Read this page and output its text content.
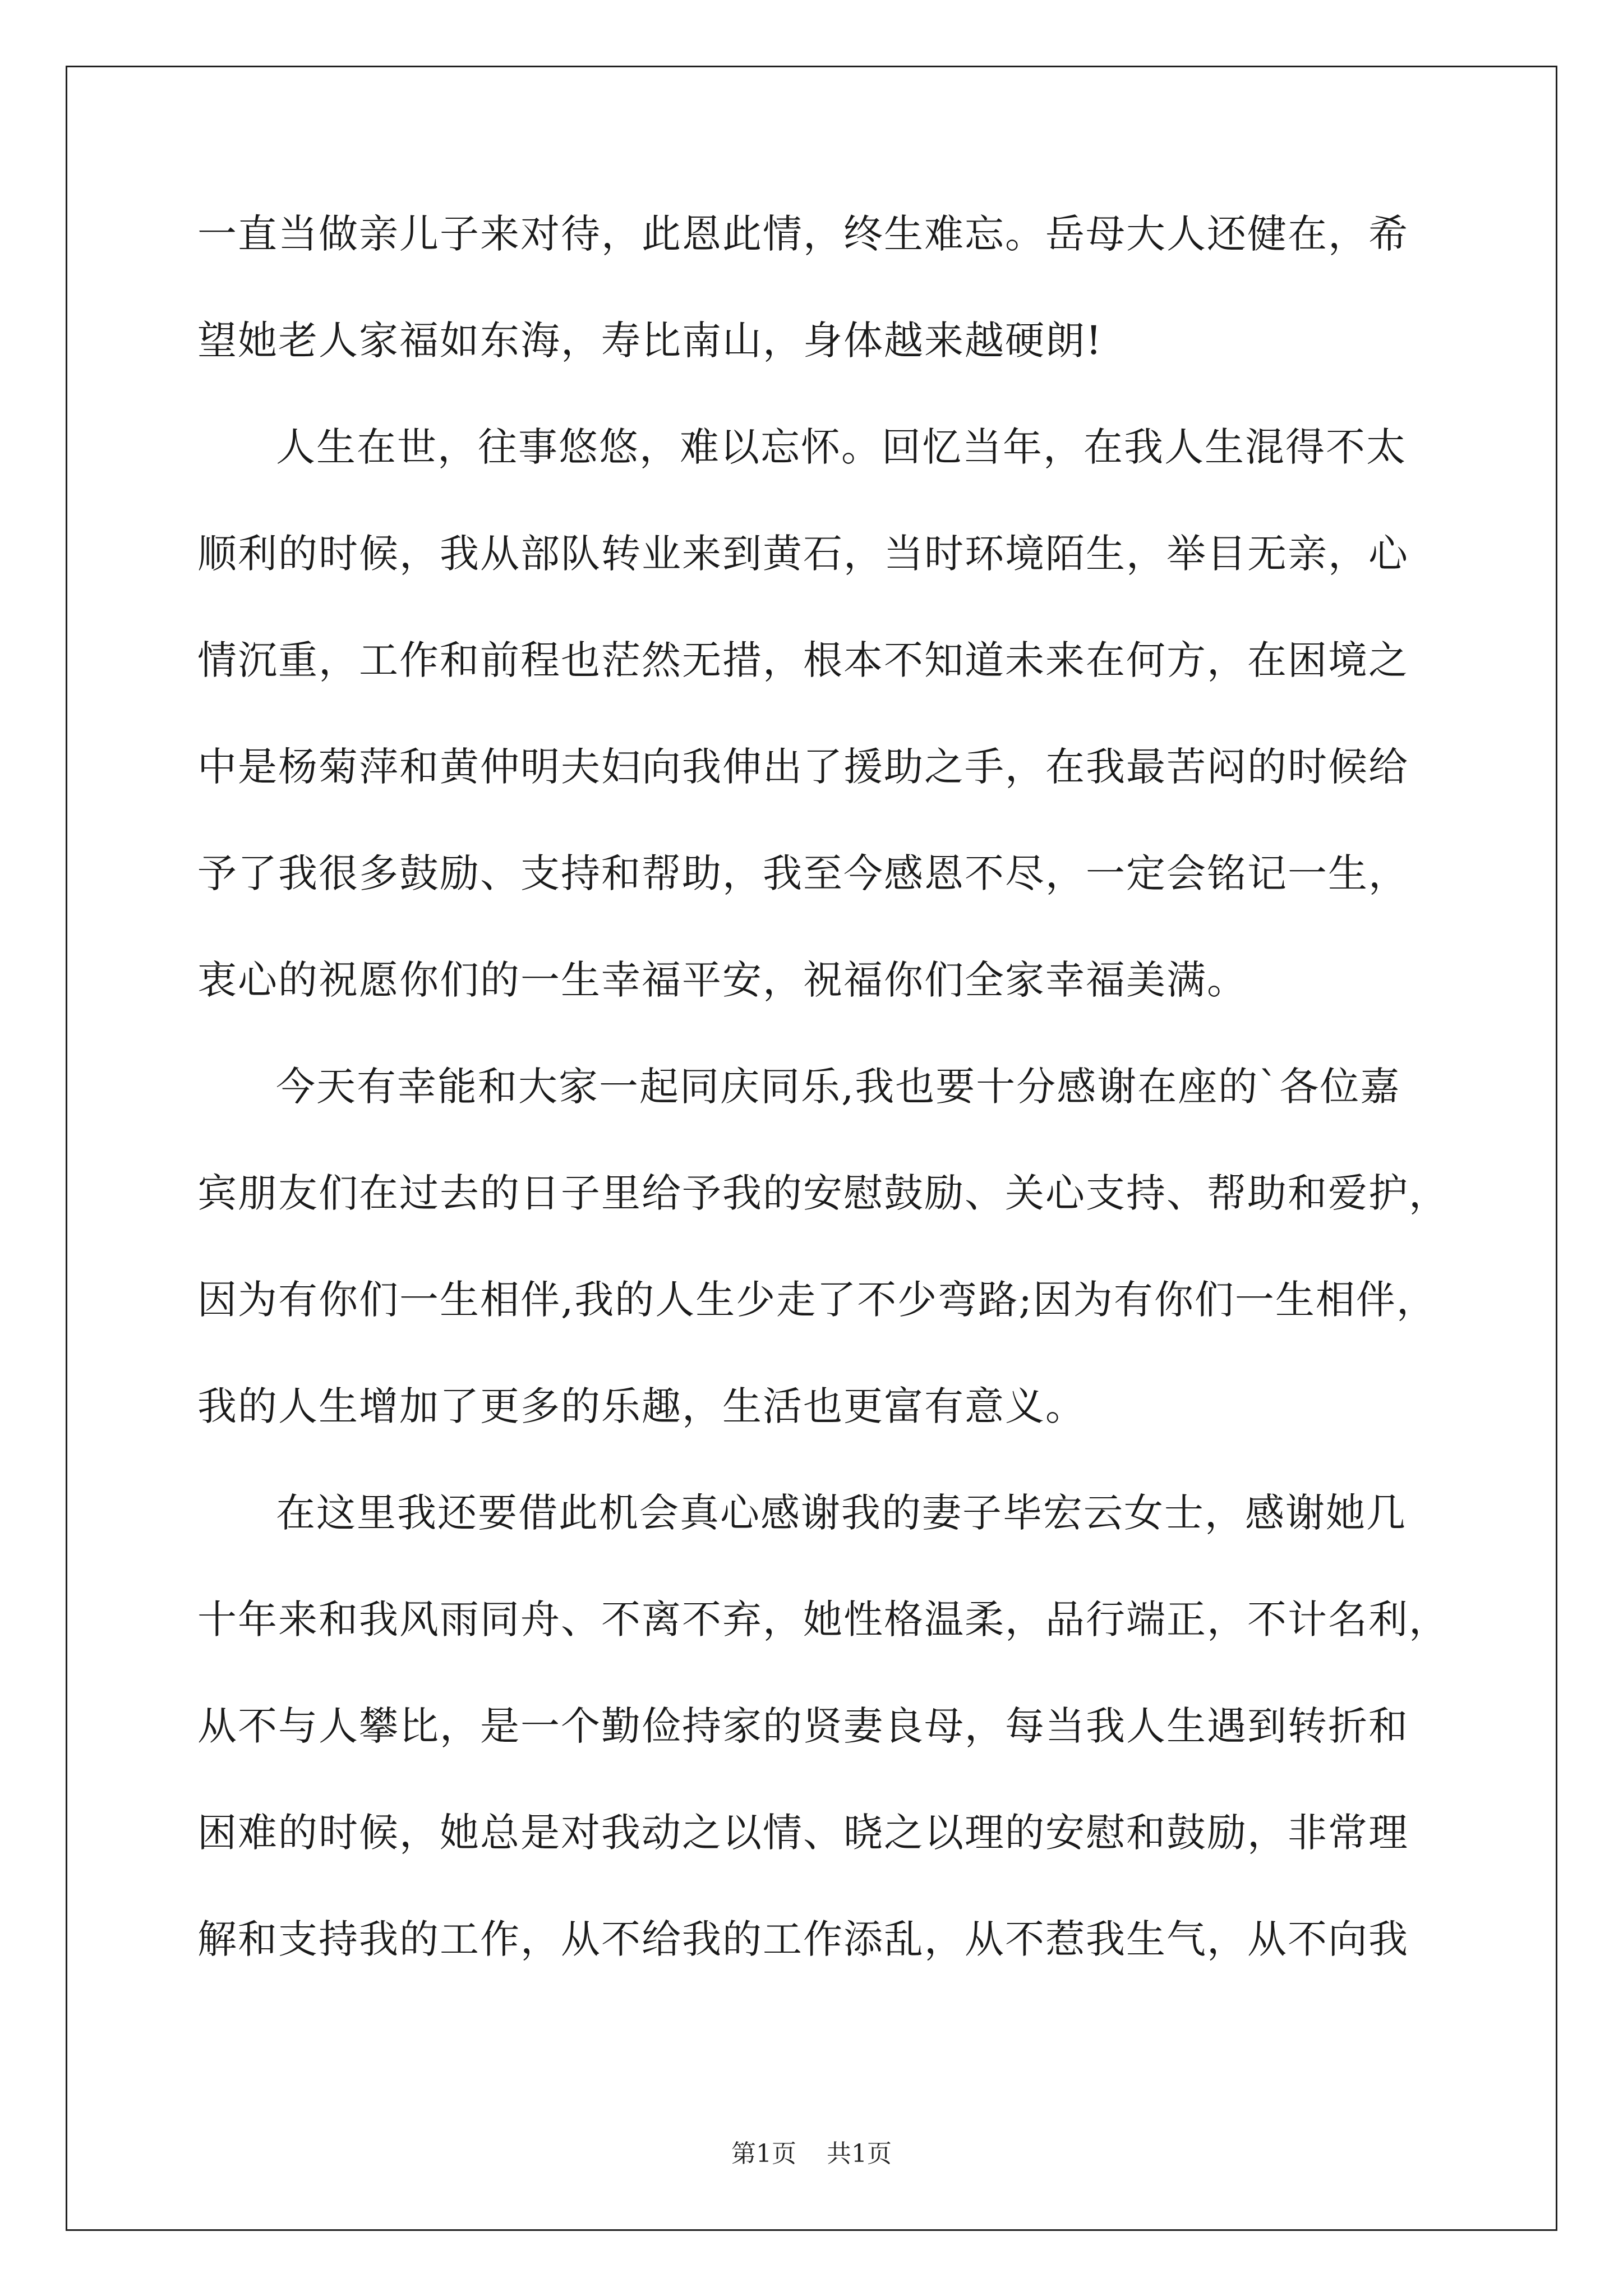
一直当做亲儿子来对待，此恩此情，终生难忘。岳母大人还健在，希
望她老人家福如东海，寿比南山，身体越来越硬朗!
人生在世，往事悠悠，难以忘怀。回忆当年，在我人生混得不太
顺利的时候，我从部队转业来到黄石，当时环境陌生，举目无亲，心
情沉重，工作和前程也茫然无措，根本不知道未来在何方，在困境之
中是杨菊萍和黄仲明夫妇向我伸出了援助之手，在我最苦闷的时候给
予了我很多鼓励、支持和帮助，我至今感恩不尽，一定会铭记一生，
衷心的祝愿你们的一生幸福平安，祝福你们全家幸福美满。
今天有幸能和大家一起同庆同乐,我也要十分感谢在座的`各位嘉
宾朋友们在过去的日子里给予我的安慰鼓励、关心支持、帮助和爱护，
因为有你们一生相伴,我的人生少走了不少弯路;因为有你们一生相伴，
我的人生增加了更多的乐趣，生活也更富有意义。
在这里我还要借此机会真心感谢我的妻子毕宏云女士，感谢她几
十年来和我风雨同舟、不离不弃，她性格温柔，品行端正，不计名利，
从不与人攀比，是一个勤俭持家的贤妻良母，每当我人生遇到转折和
困难的时候，她总是对我动之以情、晓之以理的安慰和鼓励，非常理
解和支持我的工作，从不给我的工作添乱，从不惹我生气，从不向我
第1页 共1页
